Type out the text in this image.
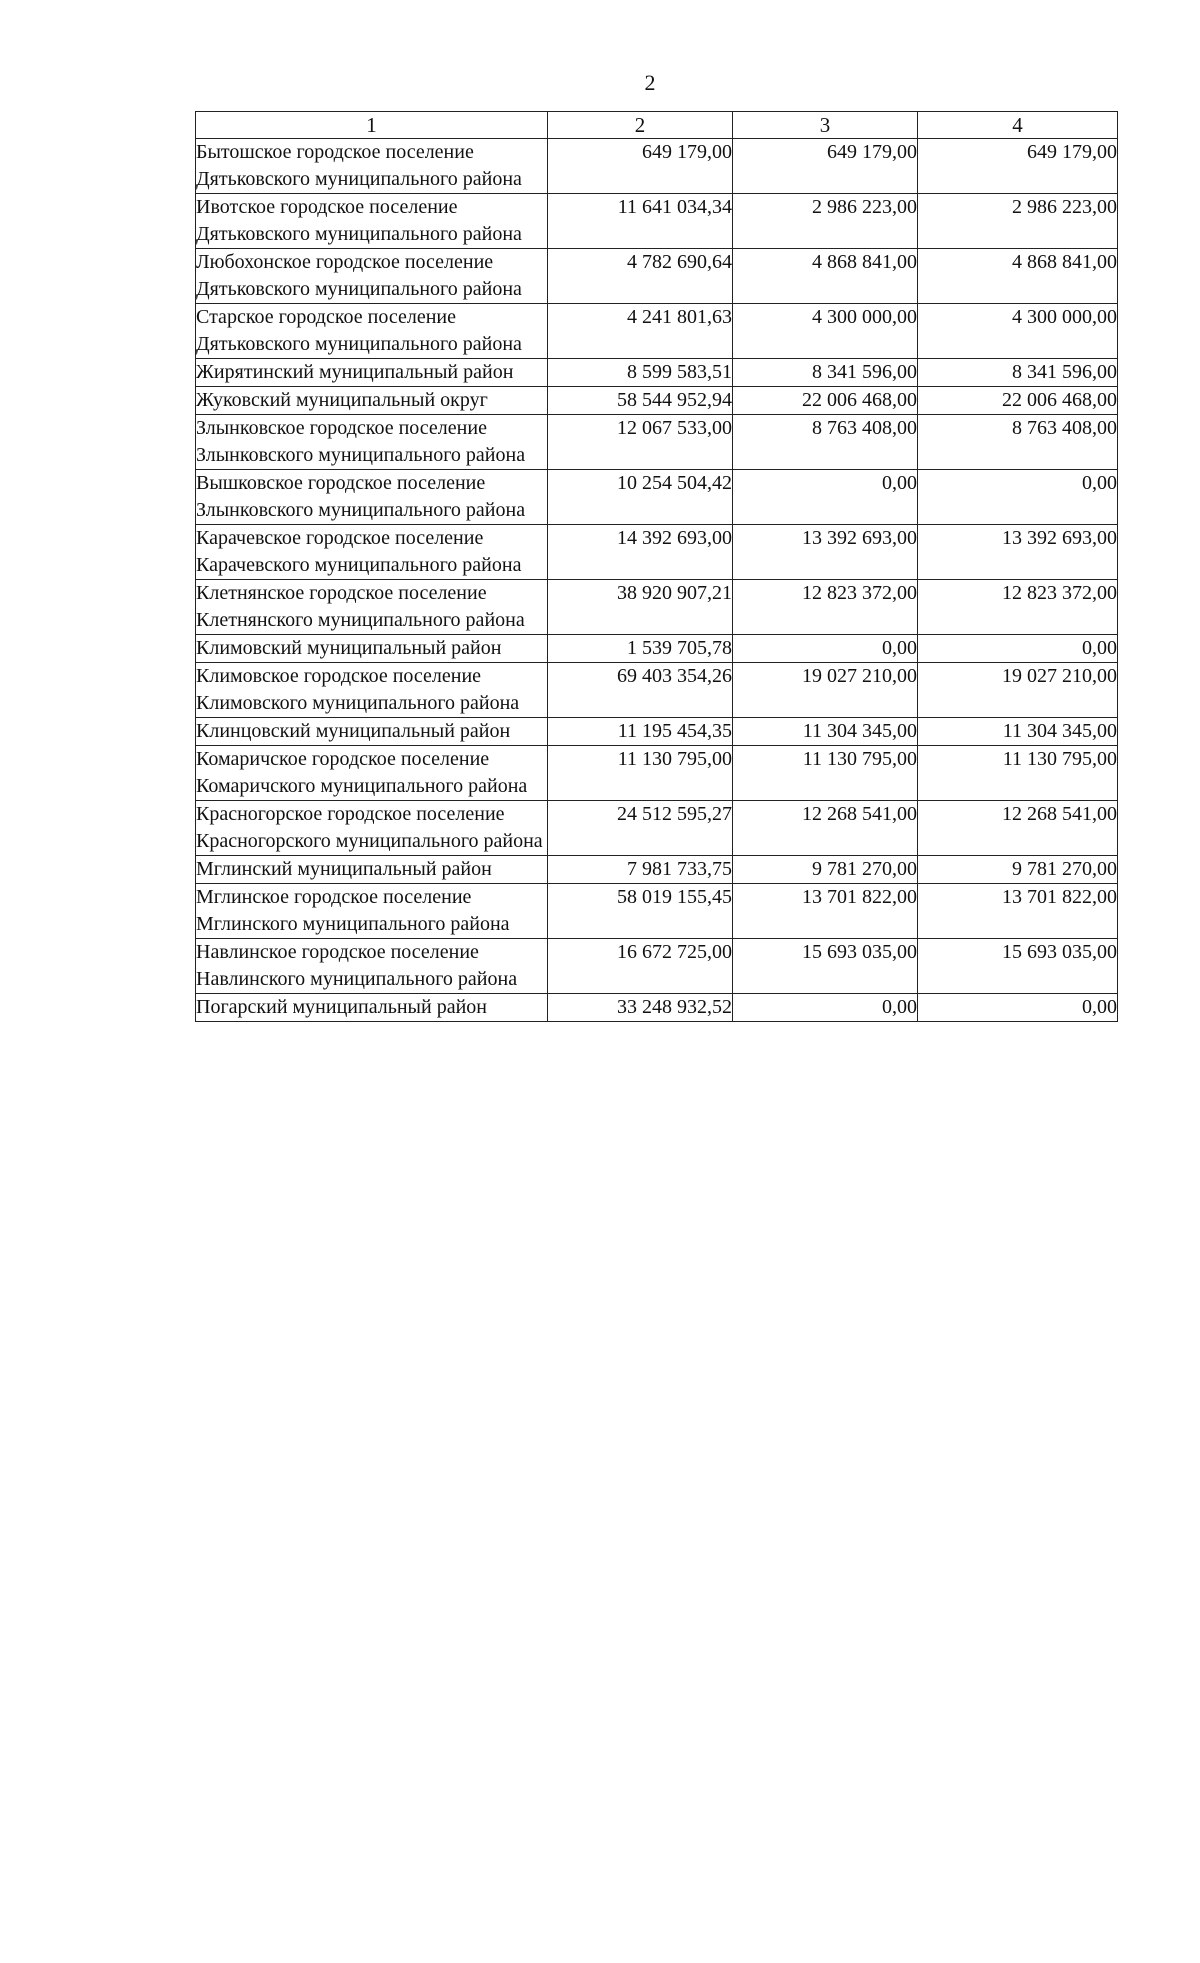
2
1	2	3	4
Бытошское городское поселение Дятьковского муниципального района	649 179,00	649 179,00	649 179,00
Ивотское городское поселение Дятьковского муниципального района	11 641 034,34	2 986 223,00	2 986 223,00
Любохонское городское поселение Дятьковского муниципального района	4 782 690,64	4 868 841,00	4 868 841,00
Старское городское поселение Дятьковского муниципального района	4 241 801,63	4 300 000,00	4 300 000,00
Жирятинский муниципальный район	8 599 583,51	8 341 596,00	8 341 596,00
Жуковский муниципальный округ	58 544 952,94	22 006 468,00	22 006 468,00
Злынковское городское поселение Злынковского муниципального района	12 067 533,00	8 763 408,00	8 763 408,00
Вышковское городское поселение Злынковского муниципального района	10 254 504,42	0,00	0,00
Карачевское городское поселение Карачевского муниципального района	14 392 693,00	13 392 693,00	13 392 693,00
Клетнянское городское поселение Клетнянского муниципального района	38 920 907,21	12 823 372,00	12 823 372,00
Климовский муниципальный район	1 539 705,78	0,00	0,00
Климовское городское поселение Климовского муниципального района	69 403 354,26	19 027 210,00	19 027 210,00
Клинцовский муниципальный район	11 195 454,35	11 304 345,00	11 304 345,00
Комаричское городское поселение Комаричского муниципального района	11 130 795,00	11 130 795,00	11 130 795,00
Красногорское городское поселение Красногорского муниципального района	24 512 595,27	12 268 541,00	12 268 541,00
Мглинский муниципальный район	7 981 733,75	9 781 270,00	9 781 270,00
Мглинское городское поселение Мглинского муниципального района	58 019 155,45	13 701 822,00	13 701 822,00
Навлинское городское поселение Навлинского муниципального района	16 672 725,00	15 693 035,00	15 693 035,00
Погарский муниципальный район	33 248 932,52	0,00	0,00
